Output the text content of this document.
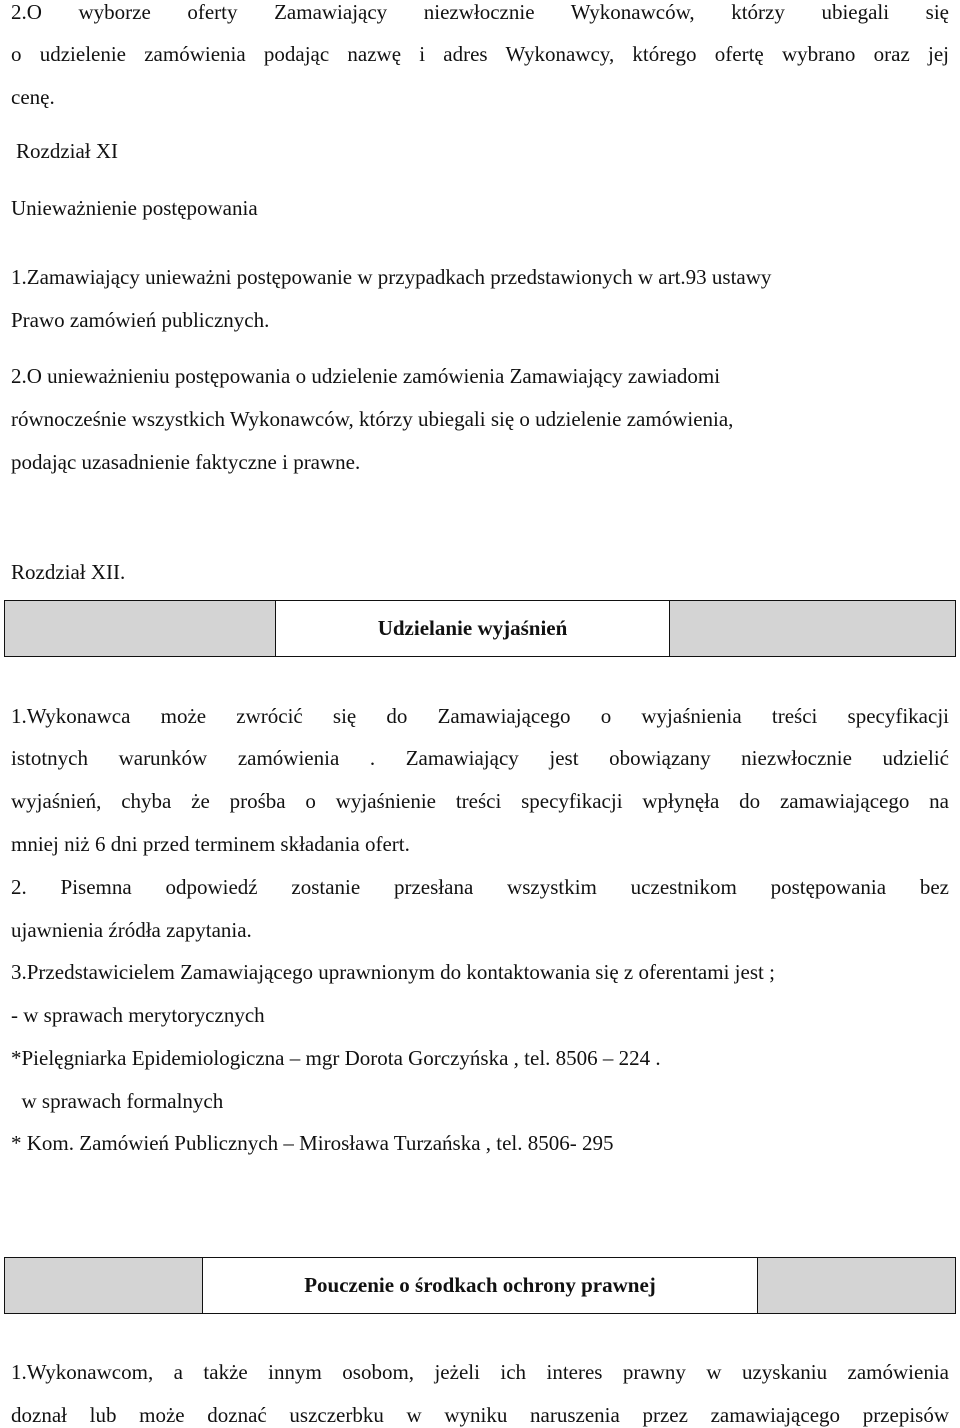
2.O wyborze oferty Zamawiający niezwłocznie Wykonawców, którzy ubiegali się
o udzielenie zamówienia podając nazwę i adres Wykonawcy, którego ofertę wybrano oraz jej
cenę.
Rozdział XI
Unieważnienie postępowania
1.Zamawiający unieważni postępowanie w przypadkach przedstawionych w art.93 ustawy
Prawo zamówień publicznych.
2.O unieważnieniu postępowania o udzielenie zamówienia Zamawiający zawiadomi
równocześnie wszystkich Wykonawców, którzy ubiegali się o udzielenie zamówienia,
podając uzasadnienie faktyczne i prawne.
Rozdział XII.
Udzielanie wyjaśnień
1.Wykonawca może zwrócić się do Zamawiającego o wyjaśnienia treści specyfikacji
istotnych warunków zamówienia . Zamawiający jest obowiązany niezwłocznie udzielić
wyjaśnień, chyba że prośba o wyjaśnienie treści specyfikacji wpłynęła do zamawiającego na
mniej niż 6 dni przed terminem składania ofert.
2. Pisemna odpowiedź zostanie przesłana wszystkim uczestnikom postępowania bez
ujawnienia źródła zapytania.
3.Przedstawicielem Zamawiającego uprawnionym do kontaktowania się z oferentami jest ;
- w sprawach merytorycznych
*Pielęgniarka Epidemiologiczna – mgr Dorota Gorczyńska , tel. 8506 – 224 .
w sprawach formalnych
* Kom. Zamówień Publicznych – Mirosława Turzańska , tel. 8506- 295
Pouczenie o środkach ochrony prawnej
1.Wykonawcom, a także innym osobom, jeżeli ich interes prawny w uzyskaniu zamówienia
doznał lub może doznać uszczerbku w wyniku naruszenia przez zamawiającego przepisów
